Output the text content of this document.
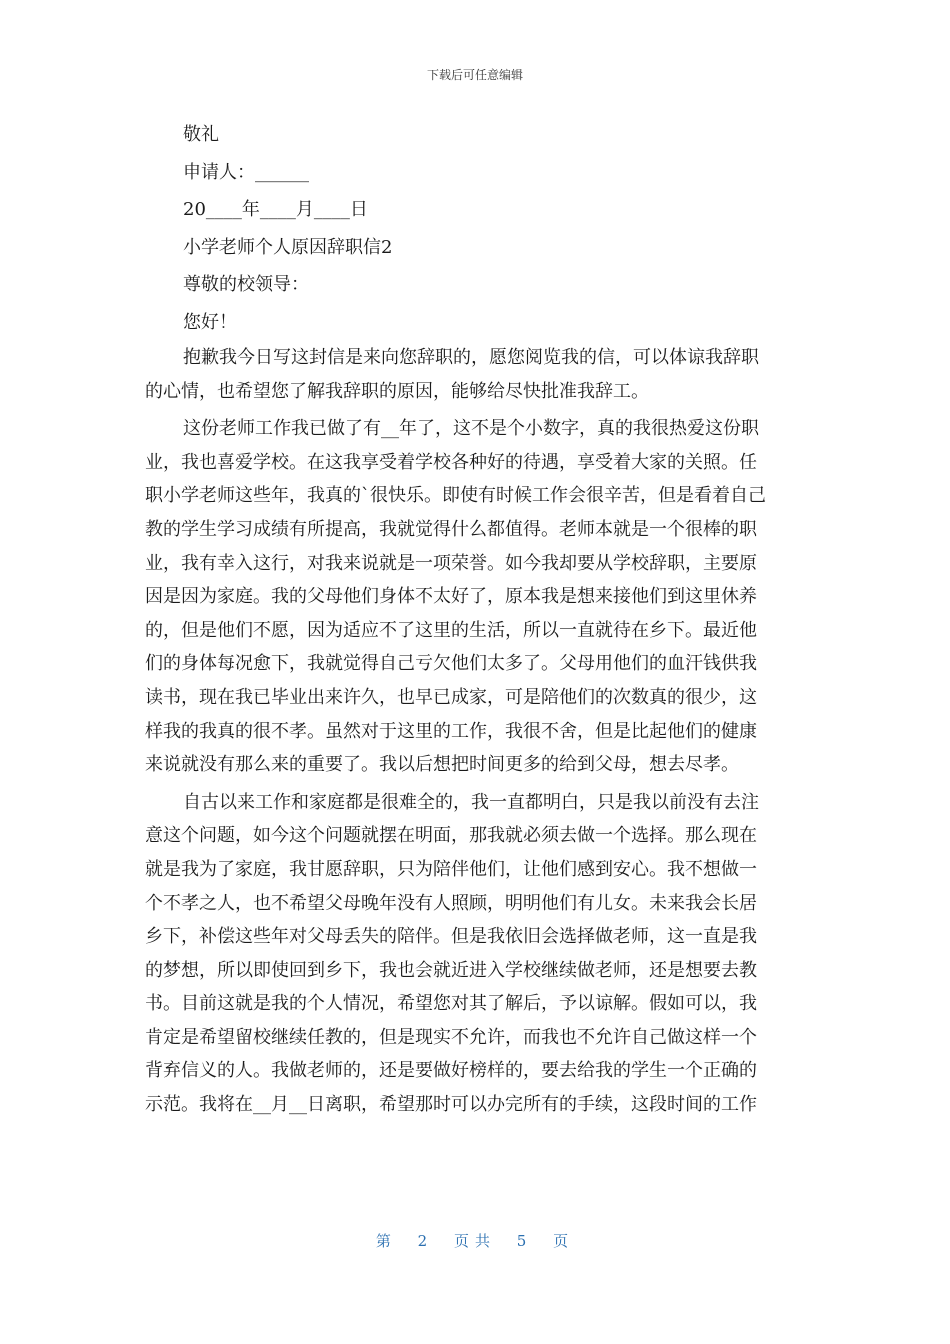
下载后可任意编辑

敬礼

申请人：______

20____年____月____日

小学老师个人原因辞职信2

尊敬的校领导：

您好！

抱歉我今日写这封信是来向您辞职的，愿您阅览我的信，可以体谅我辞职
的心情，也希望您了解我辞职的原因，能够给尽快批准我辞工。
这份老师工作我已做了有__年了，这不是个小数字，真的我很热爱这份职
业，我也喜爱学校。在这我享受着学校各种好的待遇，享受着大家的关照。任
职小学老师这些年，我真的`很快乐。即使有时候工作会很辛苦，但是看着自己
教的学生学习成绩有所提高，我就觉得什么都值得。老师本就是一个很棒的职
业，我有幸入这行，对我来说就是一项荣誉。如今我却要从学校辞职，主要原
因是因为家庭。我的父母他们身体不太好了，原本我是想来接他们到这里休养
的，但是他们不愿，因为适应不了这里的生活，所以一直就待在乡下。最近他
们的身体每况愈下，我就觉得自己亏欠他们太多了。父母用他们的血汗钱供我
读书，现在我已毕业出来许久，也早已成家，可是陪他们的次数真的很少，这
样我的我真的很不孝。虽然对于这里的工作，我很不舍，但是比起他们的健康
来说就没有那么来的重要了。我以后想把时间更多的给到父母，想去尽孝。
自古以来工作和家庭都是很难全的，我一直都明白，只是我以前没有去注
意这个问题，如今这个问题就摆在明面，那我就必须去做一个选择。那么现在
就是我为了家庭，我甘愿辞职，只为陪伴他们，让他们感到安心。我不想做一
个不孝之人，也不希望父母晚年没有人照顾，明明他们有儿女。未来我会长居
乡下，补偿这些年对父母丢失的陪伴。但是我依旧会选择做老师，这一直是我
的梦想，所以即使回到乡下，我也会就近进入学校继续做老师，还是想要去教
书。目前这就是我的个人情况，希望您对其了解后，予以谅解。假如可以，我
肯定是希望留校继续任教的，但是现实不允许，而我也不允许自己做这样一个
背弃信义的人。我做老师的，还是要做好榜样的，要去给我的学生一个正确的
示范。我将在__月__日离职，希望那时可以办完所有的手续，这段时间的工作
第 2 页共 5 页
